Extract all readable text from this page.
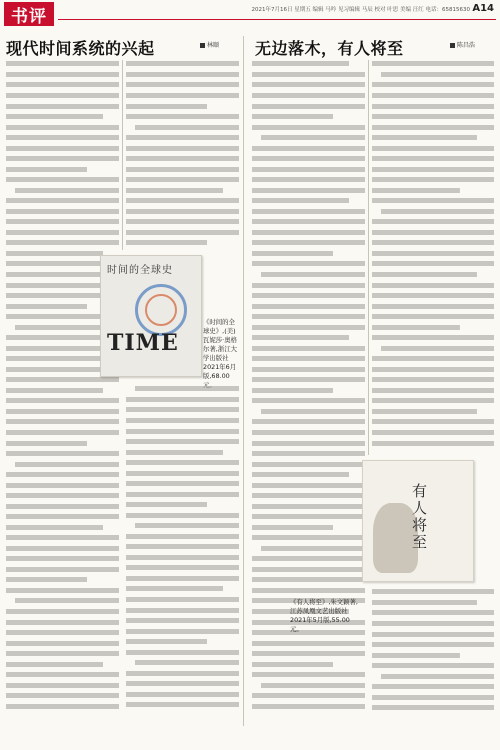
书评	2021年7月16日 星期五 编辑 马吟 见习编辑 马辰 校对 叶思 美编 汪红 电话：65815630 A14
现代时间系统的兴起	林颐
时间的全球史
TIME
《时间的全球史》,(美)瓦妮莎·奥格尔著,浙江大学出版社2021年6月版,68.00
无边落木，有人将至	陈昌浩
有人将至
《有人将至》,朱文颖著,江苏凤凰文艺出版社2021年5月版,55.00元。
